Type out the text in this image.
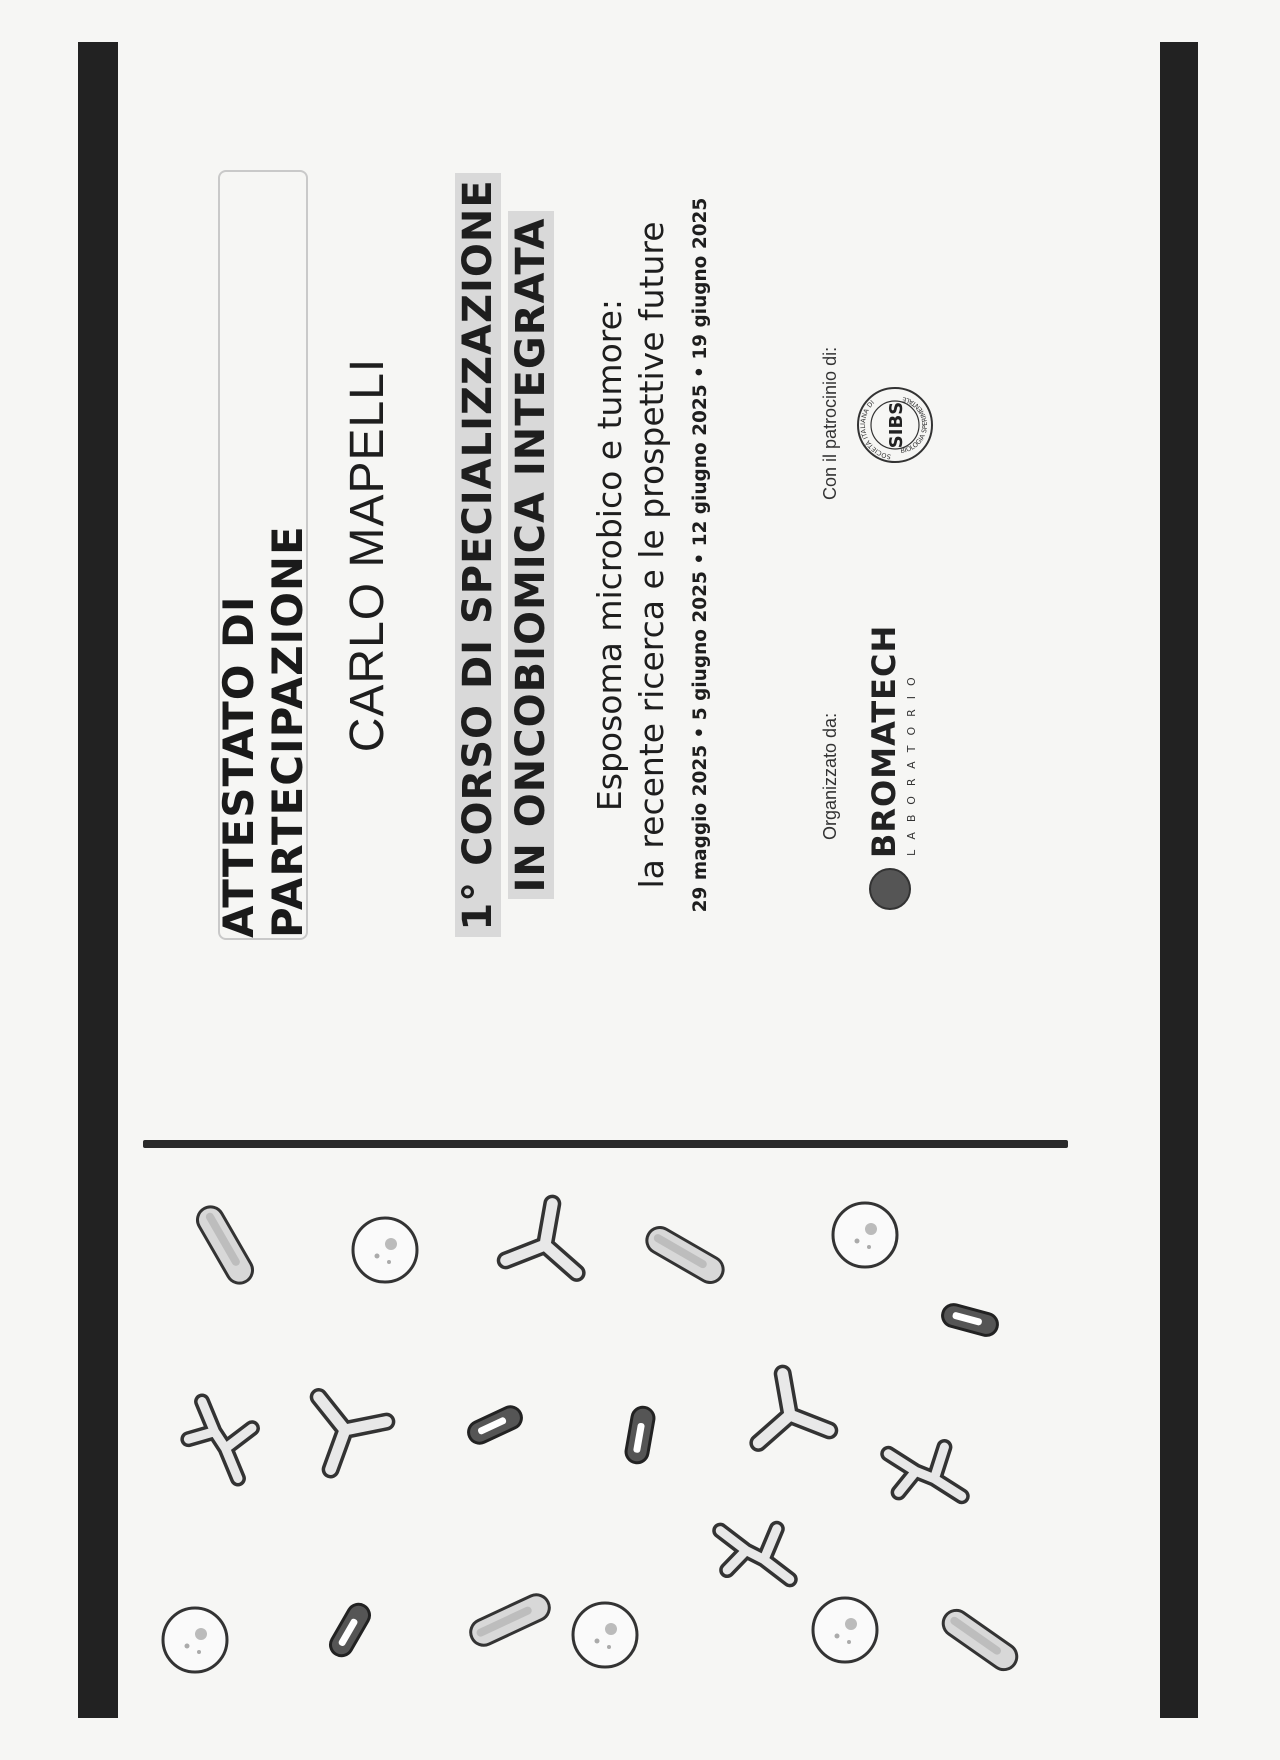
ATTESTATO DI PARTECIPAZIONE CARLO MAPELLI 1° CORSO DI SPECIALIZZAZIONE IN ONCOBIOMICA INTEGRATA Esposoma microbico e tumore: la recente ricerca e le prospettive future 29 maggio 2025 • 5 giugno 2025 • 12 giugno 2025 • 19 giugno 2025	Organizzato da:
Con il patrocinio di:
BROMATECH LABORATORIO
SOCIETÀ ITALIANA DI
BIOLOGIA SPERIMENTALE
SIBS
